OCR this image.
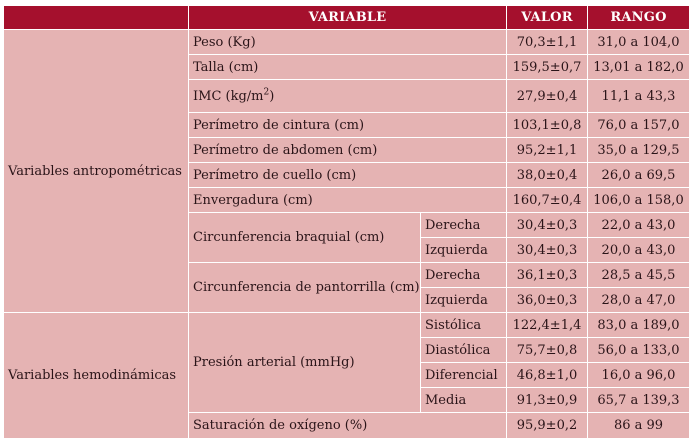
	VARIABLE		VALOR	RANGO
Variables antropométricas	Peso (Kg)		70,3±1,1	31,0 a 104,0
	Talla (cm)		159,5±0,7	13,01 a 182,0
	IMC $(kg/m^2)$		27,9±0,4	11,1 a 43,3
	Perímetro de cintura (cm)		103,1±0,8	76,0 a 157,0
	Perímetro de abdomen (cm)		95,2±1,1	35,0 a 129,5
	Perímetro de cuello (cm)		38,0±0,4	26,0 a 69,5
	Envergadura (cm)		160,7±0,4	106,0 a 158,0
	Circunferencia braquial (cm)	Derecha	30,4±0,3	22,0 a 43,0
		Izquierda	30,4±0,3	20,0 a 43,0
	Circunferencia de pantorrilla (cm)	Derecha	36,1±0,3	28,5 a 45,5
		Izquierda	36,0±0,3	28,0 a 47,0
Variables hemodinámicas	Presión arterial (mmHg)	Sistólica	122,4±1,4	83,0 a 189,0
		Diastólica	75,7±0,8	56,0 a 133,0
		Diferencial	46,8±1,0	16,0 a 96,0
		Media	91,3±0,9	65,7 a 139,3
	Saturación de oxígeno (%)		95,9±0,2	86 a 99
